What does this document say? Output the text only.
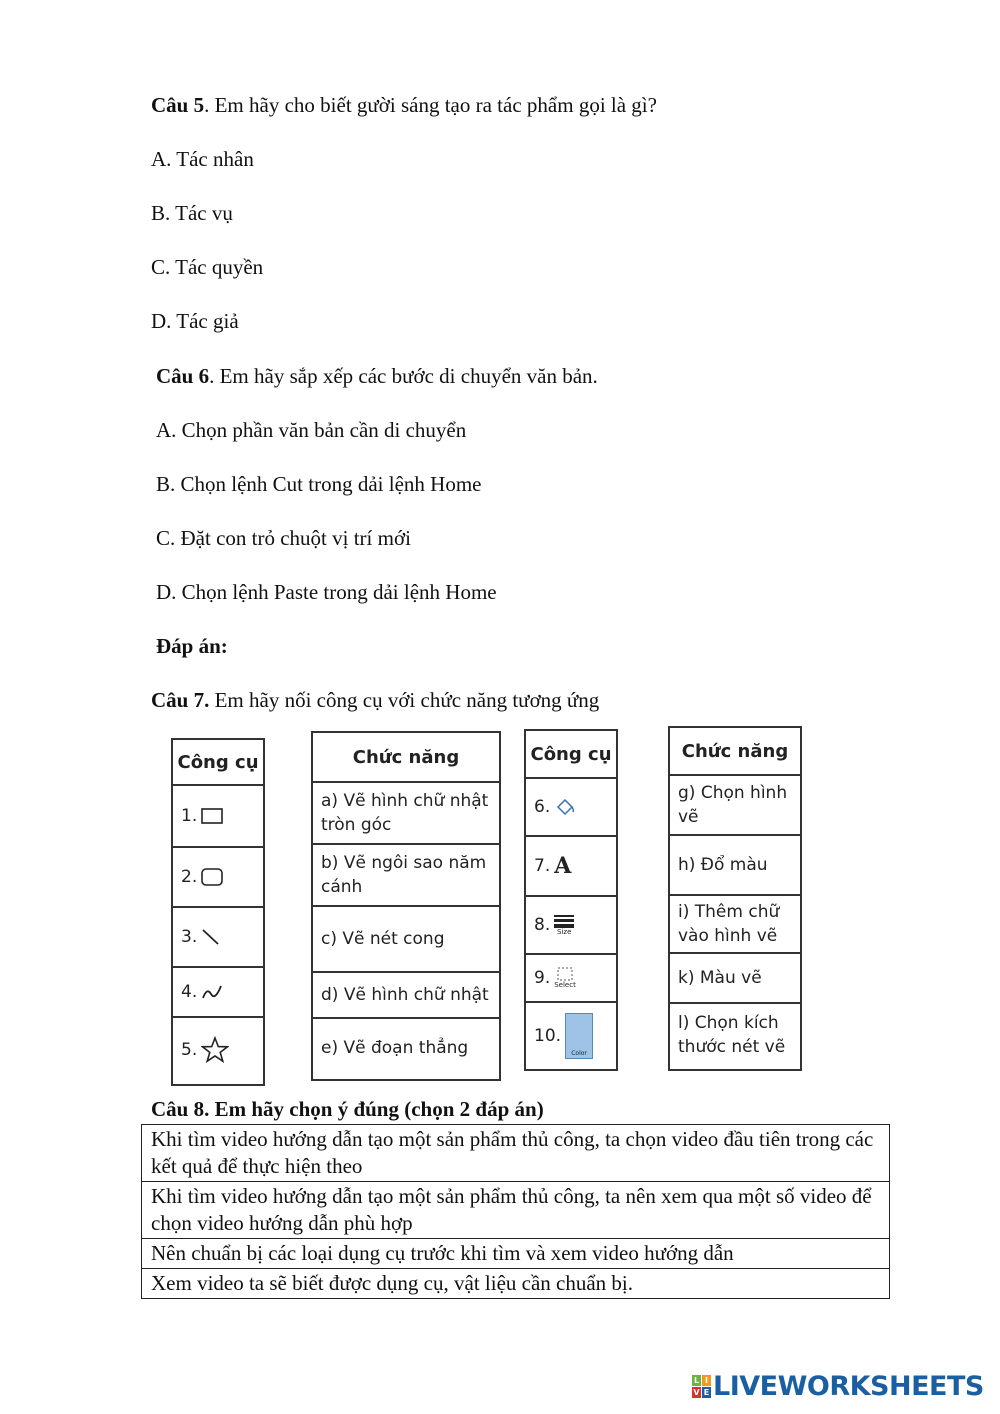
Câu 5. Em hãy cho biết gười sáng tạo ra tác phẩm gọi là gì?
A. Tác nhân
B. Tác vụ
C. Tác quyền
D. Tác giả
Câu 6. Em hãy sắp xếp các bước di chuyển văn bản.
A. Chọn phần văn bản cần di chuyển
B. Chọn lệnh Cut trong dải lệnh Home
C. Đặt con trỏ chuột vị trí mới
D. Chọn lệnh Paste trong dải lệnh Home
Đáp án:
Câu 7. Em hãy nối công cụ với chức năng tương ứng
Công cụ
1.
2.
3.
4.
5.
Chức năng
a) Vẽ hình chữ nhật tròn góc
b) Vẽ ngôi sao năm cánh
c) Vẽ nét cong
d) Vẽ hình chữ nhật
e) Vẽ đoạn thẳng
Công cụ
6.
7. A
8. Size
9. Select
10.
Color
Chức năng
g) Chọn hình vẽ
h) Đổ màu
i) Thêm chữ vào hình vẽ
k) Màu vẽ
l) Chọn kích thước nét vẽ
Câu 8. Em hãy chọn ý đúng (chọn 2 đáp án)
Khi tìm video hướng dẫn tạo một sản phẩm thủ công, ta chọn video đầu tiên trong các kết quả để thực hiện theo
Khi tìm video hướng dẫn tạo một sản phẩm thủ công, ta nên xem qua một số video để chọn video hướng dẫn phù hợp
Nên chuẩn bị các loại dụng cụ trước khi tìm và xem video hướng dẫn
Xem video ta sẽ biết được dụng cụ, vật liệu cần chuẩn bị.
L I
V E LIVEWORKSHEETS
